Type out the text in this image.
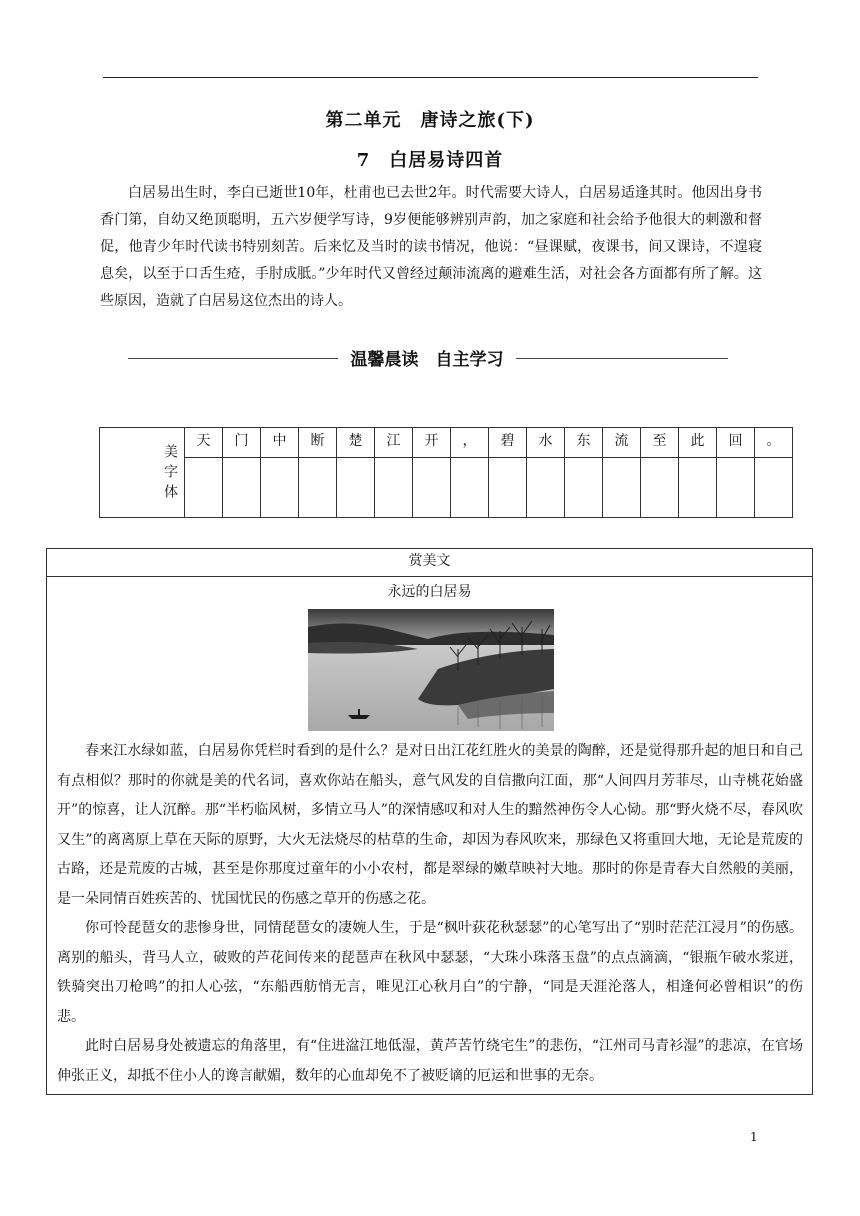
第二单元　唐诗之旅(下)
7　白居易诗四首

白居易出生时，李白已逝世10年，杜甫也已去世2年。时代需要大诗人，白居易适逢其时。他因出身书香门第，自幼又绝顶聪明，五六岁便学写诗，9岁便能够辨别声韵，加之家庭和社会给予他很大的刺激和督促，他青少年时代读书特别刻苦。后来忆及当时的读书情况，他说：“昼课赋，夜课书，间又课诗，不遑寝息矣，以至于口舌生疮，手肘成胝。”少年时代又曾经过颠沛流离的避难生活，对社会各方面都有所了解。这些原因，造就了白居易这位杰出的诗人。

温馨晨读　自主学习
美字体	天	门	中	断	楚	江	开	，	碧	水	东	流	至	此	回	。

赏美文
永远的白居易

春来江水绿如蓝，白居易你凭栏时看到的是什么？是对日出江花红胜火的美景的陶醉，还是觉得那升起的旭日和自己有点相似？那时的你就是美的代名词，喜欢你站在船头，意气风发的自信撒向江面，那“人间四月芳菲尽，山寺桃花始盛开”的惊喜，让人沉醉。那“半朽临风树，多情立马人”的深情感叹和对人生的黯然神伤令人心恸。那“野火烧不尽，春风吹又生”的离离原上草在天际的原野，大火无法烧尽的枯草的生命，却因为春风吹来，那绿色又将重回大地，无论是荒废的古路，还是荒废的古城，甚至是你那度过童年的小小农村，都是翠绿的嫩草映衬大地。那时的你是青春大自然般的美丽，是一朵同情百姓疾苦的、忧国忧民的伤感之草开的伤感之花。

你可怜琵琶女的悲惨身世，同情琵琶女的凄婉人生，于是“枫叶荻花秋瑟瑟”的心笔写出了“别时茫茫江浸月”的伤感。离别的船头，背马人立，破败的芦花间传来的琵琶声在秋风中瑟瑟，“大珠小珠落玉盘”的点点滴滴，“银瓶乍破水浆迸，铁骑突出刀枪鸣”的扣人心弦，“东船西舫悄无言，唯见江心秋月白”的宁静，“同是天涯沦落人，相逢何必曾相识”的伤悲。

此时白居易身处被遗忘的角落里，有“住进湓江地低湿，黄芦苦竹绕宅生”的悲伤，“江州司马青衫湿”的悲凉，在官场伸张正义，却抵不住小人的谗言献媚，数年的心血却免不了被贬谪的厄运和世事的无奈。

1
